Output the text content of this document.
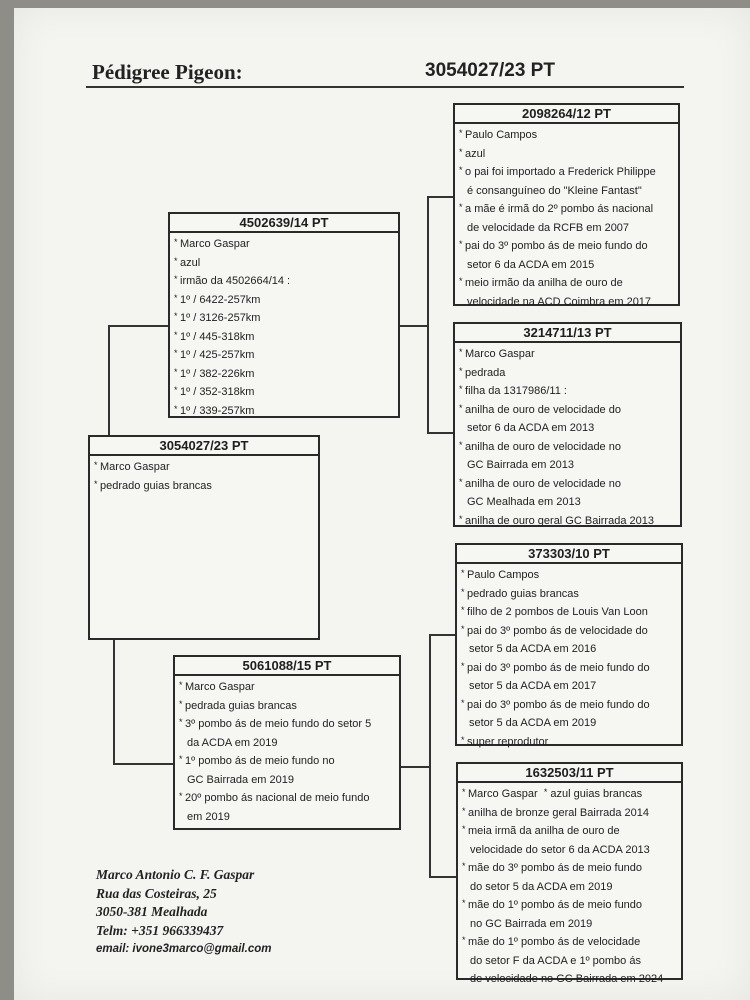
Pédigree Pigeon:	3054027/23 PT
3054027/23 PT
* Marco Gaspar
* pedrado guias brancas
4502639/14 PT
* Marco Gaspar
* azul
* irmão da 4502664/14 :
* 1º / 6422-257km
* 1º / 3126-257km
* 1º / 445-318km
* 1º / 425-257km
* 1º / 382-226km
* 1º / 352-318km
* 1º / 339-257km
5061088/15 PT
* Marco Gaspar
* pedrada guias brancas
* 3º pombo ás de meio fundo do setor 5
da ACDA em 2019
* 1º pombo ás de meio fundo no
GC Bairrada em 2019
* 20º pombo ás nacional de meio fundo
em 2019
2098264/12 PT
* Paulo Campos
* azul
* o pai foi importado a Frederick Philippe
é consanguíneo do "Kleine Fantast"
* a mãe é irmã do 2º pombo ás nacional
de velocidade da RCFB em 2007
* pai do 3º pombo ás de meio fundo do
setor 6 da ACDA em 2015
* meio irmão da anilha de ouro de
velocidade na ACD Coimbra em 2017
3214711/13 PT
* Marco Gaspar
* pedrada
* filha da 1317986/11 :
* anilha de ouro de velocidade do
setor 6 da ACDA em 2013
* anilha de ouro de velocidade no
GC Bairrada em 2013
* anilha de ouro de velocidade no
GC Mealhada em 2013
* anilha de ouro geral GC Bairrada 2013
373303/10 PT
* Paulo Campos
* pedrado guias brancas
* filho de 2 pombos de Louis Van Loon
* pai do 3º pombo ás de velocidade do
setor 5 da ACDA em 2016
* pai do 3º pombo ás de meio fundo do
setor 5 da ACDA em 2017
* pai do 3º pombo ás de meio fundo do
setor 5 da ACDA em 2019
* super reprodutor
1632503/11 PT
* Marco Gaspar * azul guias brancas
* anilha de bronze geral Bairrada 2014
* meia irmã da anilha de ouro de
velocidade do setor 6 da ACDA 2013
* mãe do 3º pombo ás de meio fundo
do setor 5 da ACDA em 2019
* mãe do 1º pombo ás de meio fundo
no GC Bairrada em 2019
* mãe do 1º pombo ás de velocidade
do setor F da ACDA e 1º pombo ás
de velocidade no GC Bairrada em 2024
Marco Antonio C. F. Gaspar
Rua das Costeiras, 25
3050-381 Mealhada
Telm: +351 966339437
email: ivone3marco@gmail.com
